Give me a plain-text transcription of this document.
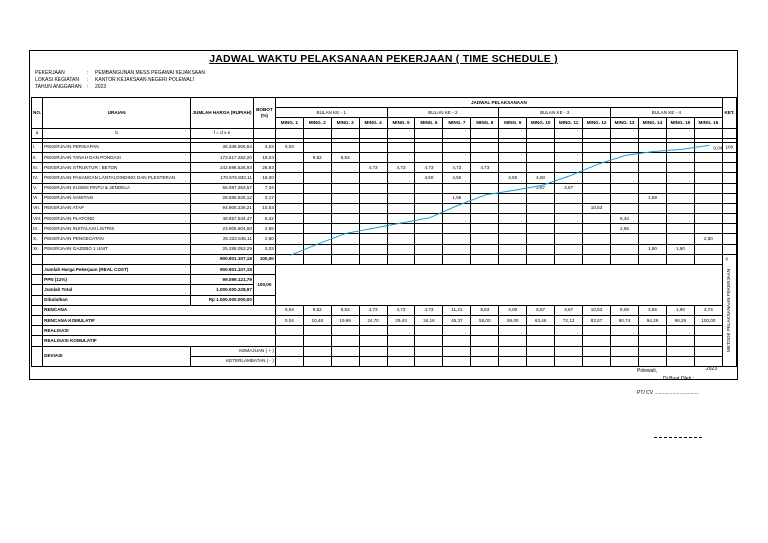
JADWAL WAKTU PELAKSANAAN PEKERJAAN ( TIME SCHEDULE )
PEKERJAAN	: PEMBANGUNAN MESS PEGAWAI KEJAKSAAN
LOKASI KEGIATAN : KANTOR KEJAKSAAN NEGERI POLEWALI
TAHUN ANGGARAN : 2023
NO.	URAIAN	JUMLAH HARGA (RUPIAH)	BOBOT (%)	JADWAL PELAKSANAAN																KET.
				BULAN KE - 1				BULAN KE - 2				BULAN KE - 3				BULAN KE - 4				
				MING. 1	MING. 2	MING. 3	MING. 4	MING. 5	MING. 6	MING. 7	MING. 8	MING. 9	MING. 10	MING. 11	MING. 12	MING. 13	MING. 14	MING. 15	MING. 16	
a	b	f = d x e																		

I.	PEKERJAAN PERSIAPAN	36.346.506,54	4,03	0,04																
II.	PEKERJAAN TANAH DAN PONDASI	173.517.282,20	19,04		9,52	9,52														
III.	PEKERJAAN STRUKTUR : BETON	242.696.626,93	26,93				4,73	4,73	4,73	4,73	4,73									
IV.	PEKERJAAN PASANGAN LANTAI,DINDING DAN PLESTERAN	170.576.833,11	18,00						4,50	4,50		4,50	4,50							
V.	PEKERJAAN KUSEN PINTU & JENDELA	66.087.263,57	7,34										3,67	3,67						
VI.	PEKERJAAN SANITASI	28.586.525,12	3,17							1,58							1,59			
VII.	PEKERJAAN ATAP	94.905.236,21	10,53												10,53					
VIII.	PEKERJAAN PLAFOND	48.857.534,47	5,42													5,42				
IX.	PEKERJAAN INSTALASI LISTRIK	23.905.604,50	2,65													2,65				
X.	PEKERJAAN PENGECATAN	25.232.845,11	2,80																2,80	
XI.	PEKERJAAN GAZEBO 1 UNIT	25.288.052,29	3,03														1,90	1,90		
		900.901.107,18	100,00																	METODE PELAKSANAAN PEKERJAAN
	Jumlah Harga Pekerjaan (REAL COST)	900.901.107,18																		
	PPN (11%)	99.099.121,79	100,00																	
	Jumlah Total	1.000.000.228,97																		
	Dibulatkan	Rp 1.000.000.000,00																		
	RENCANA			0,04	9,52	9,52	4,73	4,73	4,73	11,21	9,63	4,00	8,57	3,67	10,53	8,08	3,55	1,90	3,74	
	RENCANA KOMULATIF			0,04	10,48	19,99	24,70	29,43	34,16	45,37	55,00	59,00	63,46	72,13	82,67	90,74	94,29	96,26	100,00	
	REALISASI																			
	REALISASI KOMULATIF																			
	DEVIASI	KEMAJUAN ( + )																		
		KETERLAMBATAN ( - )																		
100
0
0,04
Polewali,	2023
Di Buat Oleh :
PT/ CV ................................
